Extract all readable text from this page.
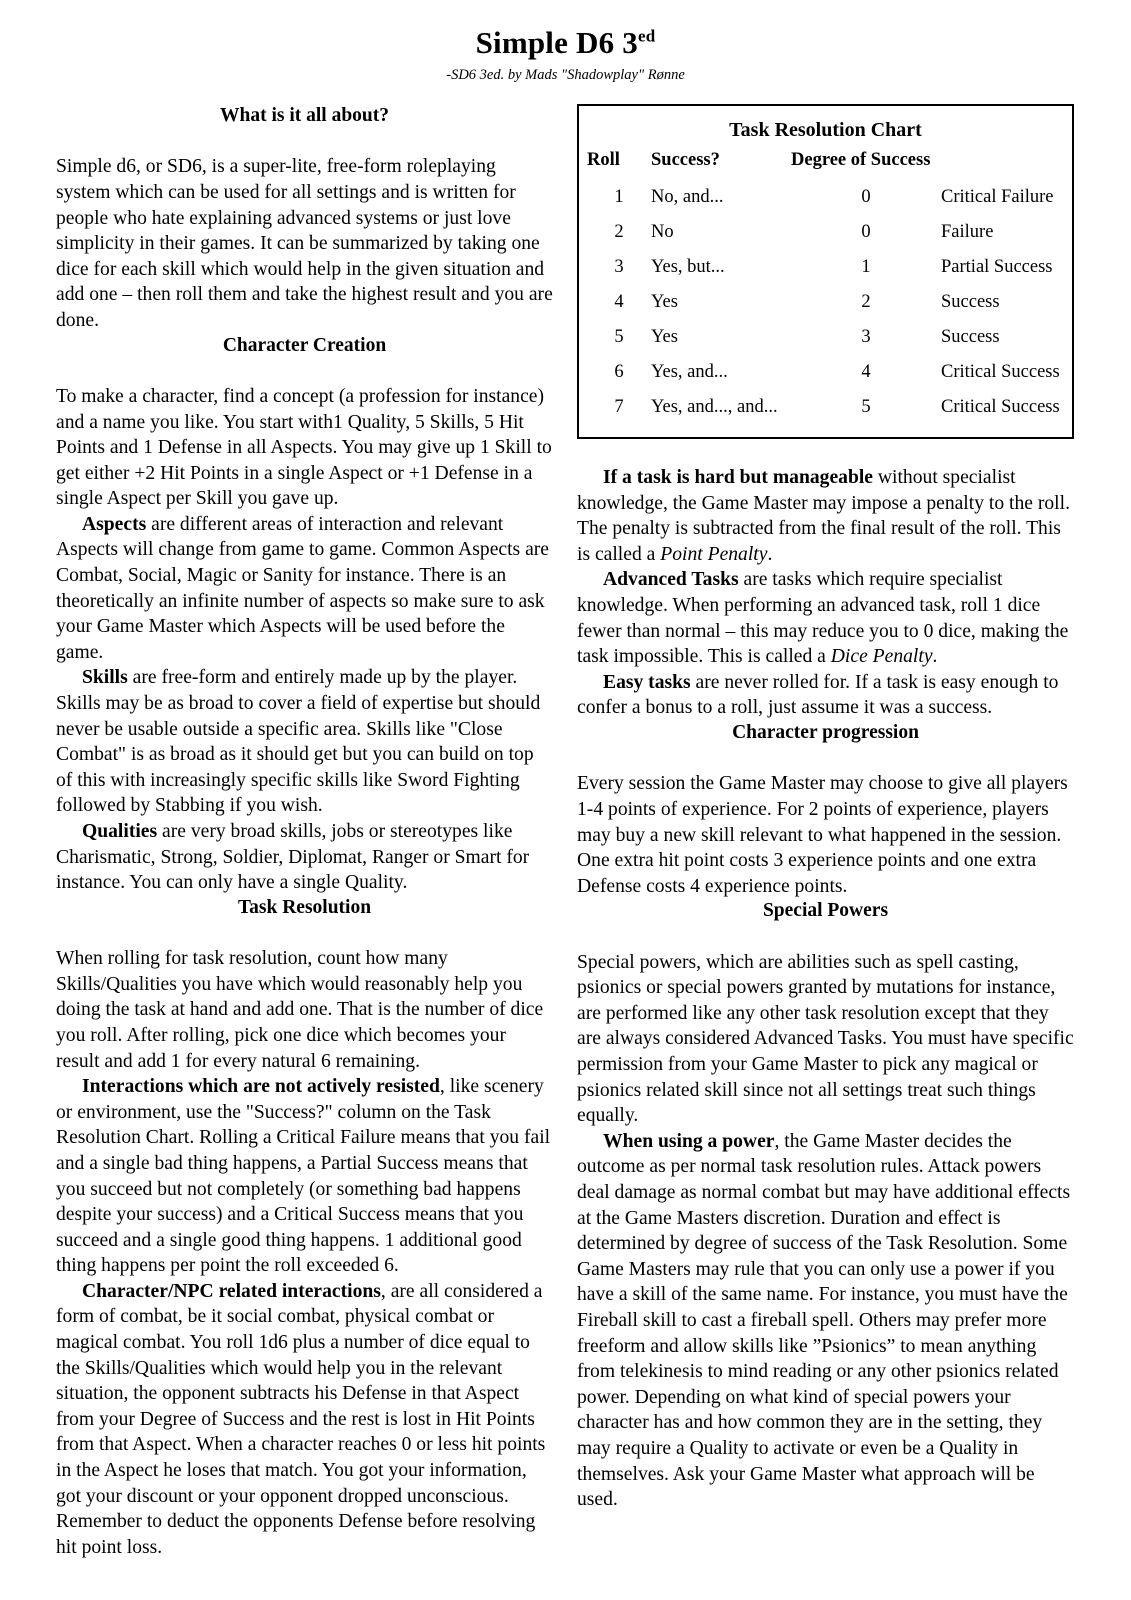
Simple D6 $3^{ed}$

-SD6 3ed. by Mads "Shadowplay" Rønne

What is it all about?

Simple d6, or SD6, is a super-lite, free-form roleplaying system which can be used for all settings and is written for people who hate explaining advanced systems or just love simplicity in their games. It can be summarized by taking one dice for each skill which would help in the given situation and add one – then roll them and take the highest result and you are done.

Character Creation

To make a character, find a concept (a profession for instance) and a name you like. You start with1 Quality, 5 Skills, 5 Hit Points and 1 Defense in all Aspects. You may give up 1 Skill to get either +2 Hit Points in a single Aspect or +1 Defense in a single Aspect per Skill you gave up.

Aspects are different areas of interaction and relevant Aspects will change from game to game. Common Aspects are Combat, Social, Magic or Sanity for instance. There is an theoretically an infinite number of aspects so make sure to ask your Game Master which Aspects will be used before the game.

Skills are free-form and entirely made up by the player. Skills may be as broad to cover a field of expertise but should never be usable outside a specific area. Skills like "Close Combat" is as broad as it should get but you can build on top of this with increasingly specific skills like Sword Fighting followed by Stabbing if you wish.

Qualities are very broad skills, jobs or stereotypes like Charismatic, Strong, Soldier, Diplomat, Ranger or Smart for instance. You can only have a single Quality.

Task Resolution

When rolling for task resolution, count how many Skills/Qualities you have which would reasonably help you doing the task at hand and add one. That is the number of dice you roll. After rolling, pick one dice which becomes your result and add 1 for every natural 6 remaining.

Interactions which are not actively resisted, like scenery or environment, use the "Success?" column on the Task Resolution Chart. Rolling a Critical Failure means that you fail and a single bad thing happens, a Partial Success means that you succeed but not completely (or something bad happens despite your success) and a Critical Success means that you succeed and a single good thing happens. 1 additional good thing happens per point the roll exceeded 6.

Character/NPC related interactions, are all considered a form of combat, be it social combat, physical combat or magical combat. You roll 1d6 plus a number of dice equal to the Skills/Qualities which would help you in the relevant situation, the opponent subtracts his Defense in that Aspect from your Degree of Success and the rest is lost in Hit Points from that Aspect. When a character reaches 0 or less hit points in the Aspect he loses that match. You got your information, got your discount or your opponent dropped unconscious. Remember to deduct the opponents Defense before resolving hit point loss.

Task Resolution Chart
Roll	Success?	Degree of Success	
1	No, and...	0	Critical Failure
2	No	0	Failure
3	Yes, but...	1	Partial Success
4	Yes	2	Success
5	Yes	3	Success
6	Yes, and...	4	Critical Success
7	Yes, and..., and...	5	Critical Success

If a task is hard but manageable without specialist knowledge, the Game Master may impose a penalty to the roll. The penalty is subtracted from the final result of the roll. This is called a Point Penalty.

Advanced Tasks are tasks which require specialist knowledge. When performing an advanced task, roll 1 dice fewer than normal – this may reduce you to 0 dice, making the task impossible. This is called a Dice Penalty.

Easy tasks are never rolled for. If a task is easy enough to confer a bonus to a roll, just assume it was a success.

Character progression

Every session the Game Master may choose to give all players 1-4 points of experience. For 2 points of experience, players may buy a new skill relevant to what happened in the session. One extra hit point costs 3 experience points and one extra Defense costs 4 experience points.

Special Powers

Special powers, which are abilities such as spell casting, psionics or special powers granted by mutations for instance, are performed like any other task resolution except that they are always considered Advanced Tasks. You must have specific permission from your Game Master to pick any magical or psionics related skill since not all settings treat such things equally.

When using a power, the Game Master decides the outcome as per normal task resolution rules. Attack powers deal damage as normal combat but may have additional effects at the Game Masters discretion. Duration and effect is determined by degree of success of the Task Resolution. Some Game Masters may rule that you can only use a power if you have a skill of the same name. For instance, you must have the Fireball skill to cast a fireball spell. Others may prefer more freeform and allow skills like ”Psionics” to mean anything from telekinesis to mind reading or any other psionics related power. Depending on what kind of special powers your character has and how common they are in the setting, they may require a Quality to activate or even be a Quality in themselves. Ask your Game Master what approach will be used.
